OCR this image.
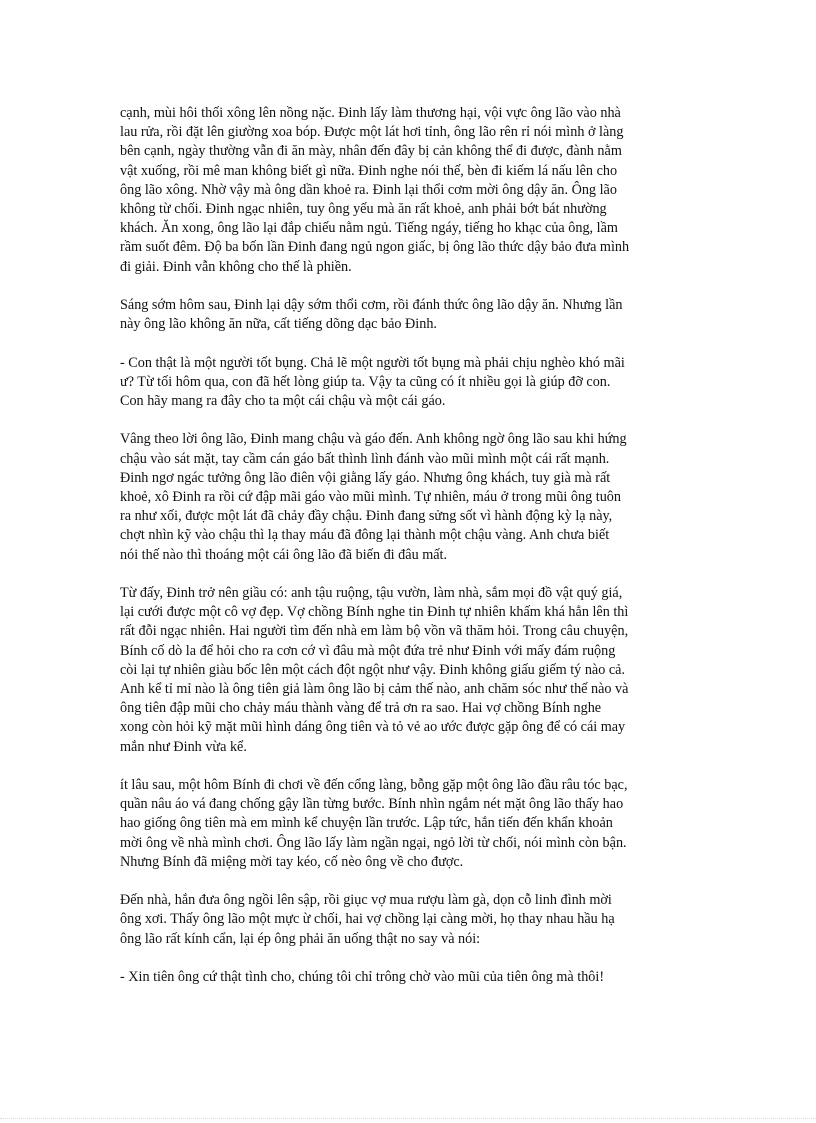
cạnh, mùi hôi thối xông lên nồng nặc. Đinh lấy làm thương hại, vội vực ông lão vào nhà
lau rửa, rồi đặt lên giường xoa bóp. Được một lát hơi tỉnh, ông lão rên rỉ nói mình ở làng
bên cạnh, ngày thường vẫn đi ăn mày, nhân đến đây bị cản không thể đi được, đành nằm
vật xuống, rồi mê man không biết gì nữa. Đinh nghe nói thế, bèn đi kiếm lá nấu lên cho
ông lão xông. Nhờ vậy mà ông dần khoẻ ra. Đinh lại thổi cơm mời ông dậy ăn. Ông lão
không từ chối. Đinh ngạc nhiên, tuy ông yếu mà ăn rất khoẻ, anh phải bớt bát nhường
khách. Ăn xong, ông lão lại đắp chiếu nằm ngủ. Tiếng ngáy, tiếng ho khạc của ông, lầm
rầm suốt đêm. Độ ba bốn lần Đinh đang ngủ ngon giấc, bị ông lão thức dậy bảo đưa mình
đi giải. Đinh vẫn không cho thế là phiền.

Sáng sớm hôm sau, Đinh lại dậy sớm thổi cơm, rồi đánh thức ông lão dậy ăn. Nhưng lần
này ông lão không ăn nữa, cất tiếng dõng dạc bảo Đinh.

- Con thật là một người tốt bụng. Chả lẽ một người tốt bụng mà phải chịu nghèo khó mãi
ư? Từ tối hôm qua, con đã hết lòng giúp ta. Vậy ta cũng có ít nhiều gọi là giúp đỡ con.
Con hãy mang ra đây cho ta một cái chậu và một cái gáo.

Vâng theo lời ông lão, Đinh mang chậu và gáo đến. Anh không ngờ ông lão sau khi hứng
chậu vào sát mặt, tay cầm cán gáo bất thình lình đánh vào mũi mình một cái rất mạnh.
Đinh ngơ ngác tưởng ông lão điên vội giằng lấy gáo. Nhưng ông khách, tuy già mà rất
khoẻ, xô Đinh ra rồi cứ đập mãi gáo vào mũi mình. Tự nhiên, máu ở trong mũi ông tuôn
ra như xối, được một lát đã chảy đầy chậu. Đinh đang sửng sốt vì hành động kỳ lạ này,
chợt nhìn kỹ vào chậu thì lạ thay máu đã đông lại thành một chậu vàng. Anh chưa biết
nói thế nào thì thoáng một cái ông lão đã biến đi đâu mất.

Từ đấy, Đinh trở nên giầu có: anh tậu ruộng, tậu vườn, làm nhà, sắm mọi đồ vật quý giá,
lại cưới được một cô vợ đẹp. Vợ chồng Bính nghe tin Đinh tự nhiên khấm khá hẳn lên thì
rất đỗi ngạc nhiên. Hai người tìm đến nhà em làm bộ vồn vã thăm hỏi. Trong câu chuyện,
Bính cố dò la để hỏi cho ra cơn cớ vì đâu mà một đứa trẻ như Đinh với mấy đám ruộng
còi lại tự nhiên giàu bốc lên một cách đột ngột như vậy. Đinh không giấu giếm tý nào cả.
Anh kể tỉ mỉ nào là ông tiên giả làm ông lão bị cảm thế nào, anh chăm sóc như thế nào và
ông tiên đập mũi cho chảy máu thành vàng để trả ơn ra sao. Hai vợ chồng Bính nghe
xong còn hỏi kỹ mặt mũi hình dáng ông tiên và tỏ vẻ ao ước được gặp ông để có cái may
mắn như Đinh vừa kể.

ít lâu sau, một hôm Bính đi chơi về đến cổng làng, bỗng gặp một ông lão đầu râu tóc bạc,
quần nâu áo vá đang chống gậy lần từng bước. Bính nhìn ngắm nét mặt ông lão thấy hao
hao giống ông tiên mà em mình kể chuyện lần trước. Lập tức, hắn tiến đến khẩn khoản
mời ông về nhà mình chơi. Ông lão lấy làm ngần ngại, ngỏ lời từ chối, nói mình còn bận.
Nhưng Bính đã miệng mời tay kéo, cố nèo ông về cho được.

Đến nhà, hắn đưa ông ngồi lên sập, rồi giục vợ mua rượu làm gà, dọn cỗ linh đình mời
ông xơi. Thấy ông lão một mực ừ chối, hai vợ chồng lại càng mời, họ thay nhau hầu hạ
ông lão rất kính cẩn, lại ép ông phải ăn uống thật no say và nói:

- Xin tiên ông cứ thật tình cho, chúng tôi chỉ trông chờ vào mũi của tiên ông mà thôi!
